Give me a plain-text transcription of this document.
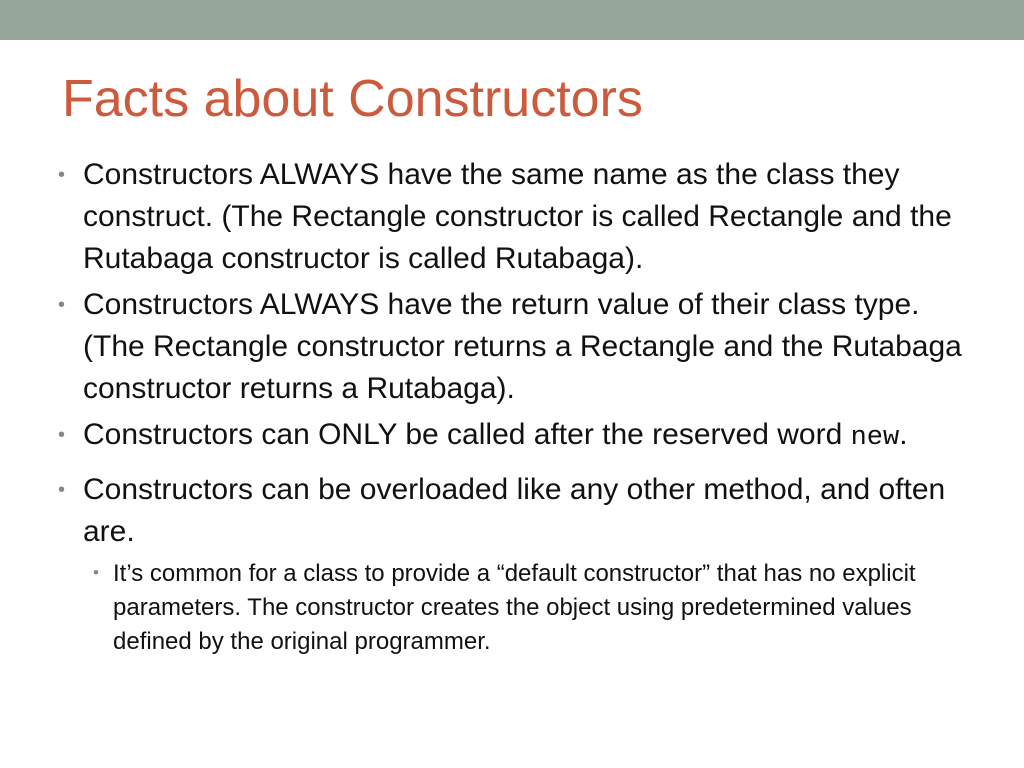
Facts about Constructors
• Constructors ALWAYS have the same name as the class they construct. (The Rectangle constructor is called Rectangle and the Rutabaga constructor is called Rutabaga).
• Constructors ALWAYS have the return value of their class type. (The Rectangle constructor returns a Rectangle and the Rutabaga constructor returns a Rutabaga).
• Constructors can ONLY be called after the reserved word new.
• Constructors can be overloaded like any other method, and often are.
• It’s common for a class to provide a “default constructor” that has no explicit parameters. The constructor creates the object using predetermined values defined by the original programmer.
